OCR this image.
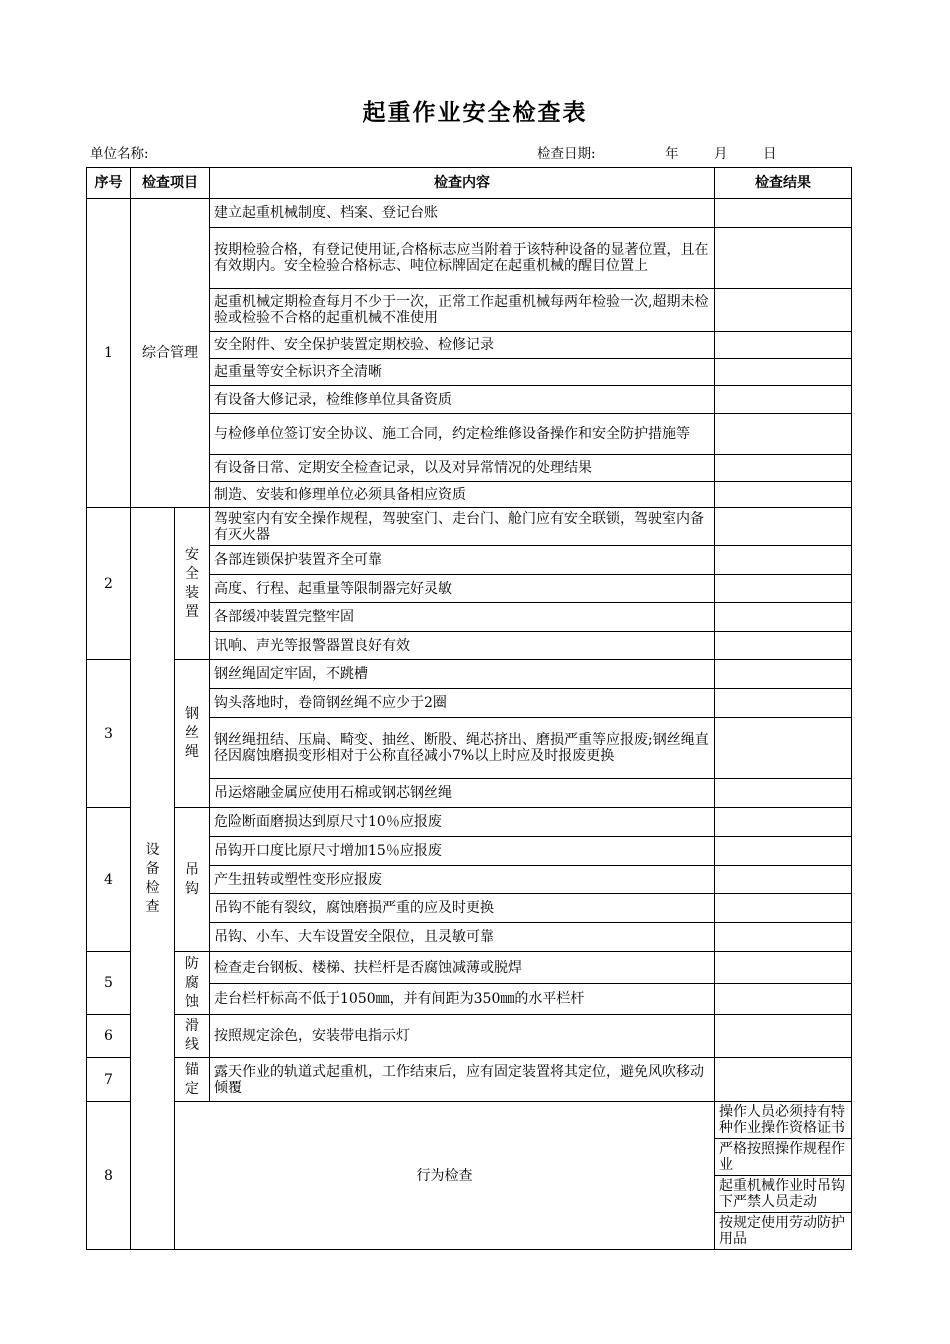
起重作业安全检查表
单位名称:	检查日期:	年	月	日
序号	检查项目		检查内容	检查结果	
1	综合管理		建立起重机械制度、档案、登记台账		
			按期检验合格，有登记使用证,合格标志应当附着于该特种设备的显著位置，且在有效期内。安全检验合格标志、吨位标牌固定在起重机械的醒目位置上		
			起重机械定期检查每月不少于一次，正常工作起重机械每两年检验一次,超期未检验或检验不合格的起重机械不准使用		
			安全附件、安全保护装置定期校验、检修记录		
			起重量等安全标识齐全清晰		
			有设备大修记录，检维修单位具备资质		
			与检修单位签订安全协议、施工合同，约定检维修设备操作和安全防护措施等		
			有设备日常、定期安全检查记录，以及对异常情况的处理结果		
			制造、安装和修理单位必须具备相应资质		
2	设备检查	安全装置	驾驶室内有安全操作规程，驾驶室门、走台门、舱门应有安全联锁，驾驶室内备有灭火器		
			各部连锁保护装置齐全可靠		
			高度、行程、起重量等限制器完好灵敏		
			各部缓冲装置完整牢固		
			讯响、声光等报警器置良好有效		
3		钢丝绳	钢丝绳固定牢固，不跳槽		
			钩头落地时，卷筒钢丝绳不应少于2圈		
			钢丝绳扭结、压扁、畸变、抽丝、断股、绳芯挤出、磨损严重等应报废;钢丝绳直径因腐蚀磨损变形相对于公称直径减小7%以上时应及时报废更换		
			吊运熔融金属应使用石棉或钢芯钢丝绳		
4		吊钩	危险断面磨损达到原尺寸10％应报废		
			吊钩开口度比原尺寸增加15％应报废		
			产生扭转或塑性变形应报废		
			吊钩不能有裂纹，腐蚀磨损严重的应及时更换		
			吊钩、小车、大车设置安全限位，且灵敏可靠		
5		防腐蚀	检查走台钢板、楼梯、扶栏杆是否腐蚀减薄或脱焊		
			走台栏杆标高不低于1050㎜，并有间距为350㎜的水平栏杆		
6		滑线	按照规定涂色，安装带电指示灯		
7		锚定	露天作业的轨道式起重机，工作结束后，应有固定装置将其定位，避免风吹移动倾覆		
8		行为检查		操作人员必须持有特种作业操作资格证书	
				严格按照操作规程作业	
				起重机械作业时吊钩下严禁人员走动	
				按规定使用劳动防护用品	
